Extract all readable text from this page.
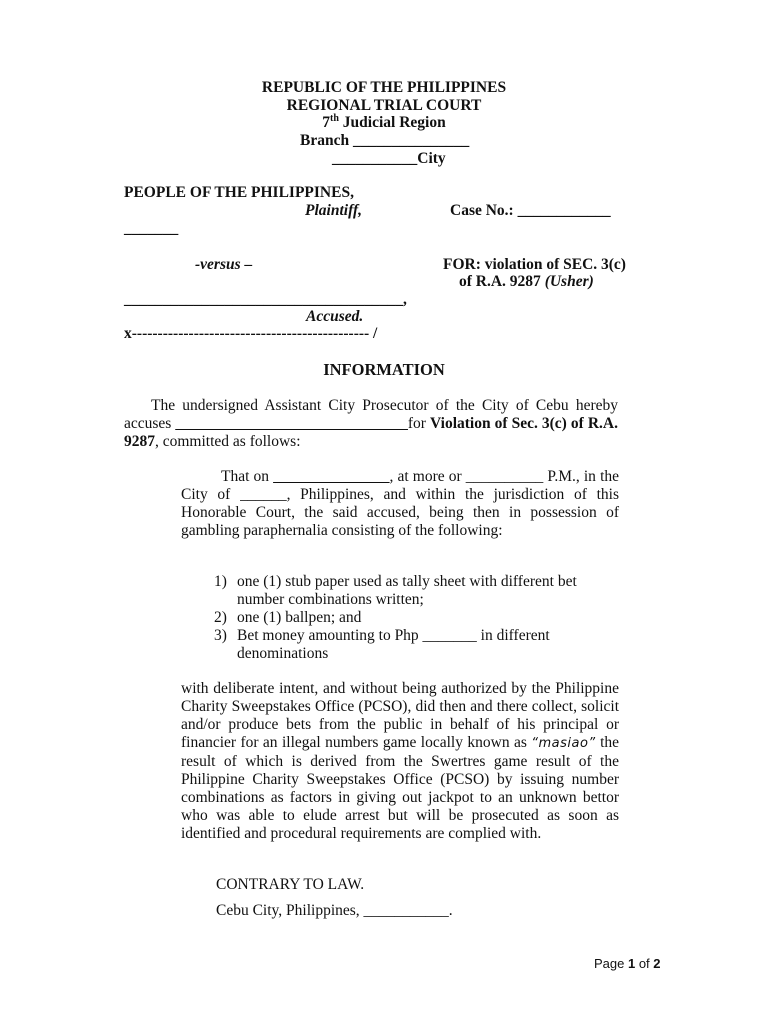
REPUBLIC OF THE PHILIPPINES
REGIONAL TRIAL COURT
7th Judicial Region
Branch _______________
___________City
PEOPLE OF THE PHILIPPINES,
Plaintiff,	Case No.: ____________
_______
-versus –	FOR: violation of SEC. 3(c)
of R.A. 9287 (Usher)
____________________________________,
Accused.
x---------------------------------------------- /
INFORMATION
The undersigned Assistant City Prosecutor of the City of Cebu hereby accuses ______________________________for Violation of Sec. 3(c) of R.A. 9287, committed as follows:
That on _______________, at more or __________ P.M., in the City of ______, Philippines, and within the jurisdiction of this Honorable Court, the said accused, being then in possession of gambling paraphernalia consisting of the following:
1) one (1) stub paper used as tally sheet with different bet number combinations written;
2) one (1) ballpen; and
3) Bet money amounting to Php _______ in different denominations
with deliberate intent, and without being authorized by the Philippine Charity Sweepstakes Office (PCSO), did then and there collect, solicit and/or produce bets from the public in behalf of his principal or financier for an illegal numbers game locally known as “masiao” the result of which is derived from the Swertres game result of the Philippine Charity Sweepstakes Office (PCSO) by issuing number combinations as factors in giving out jackpot to an unknown bettor who was able to elude arrest but will be prosecuted as soon as identified and procedural requirements are complied with.
CONTRARY TO LAW.
Cebu City, Philippines, ___________.
Page 1 of 2
